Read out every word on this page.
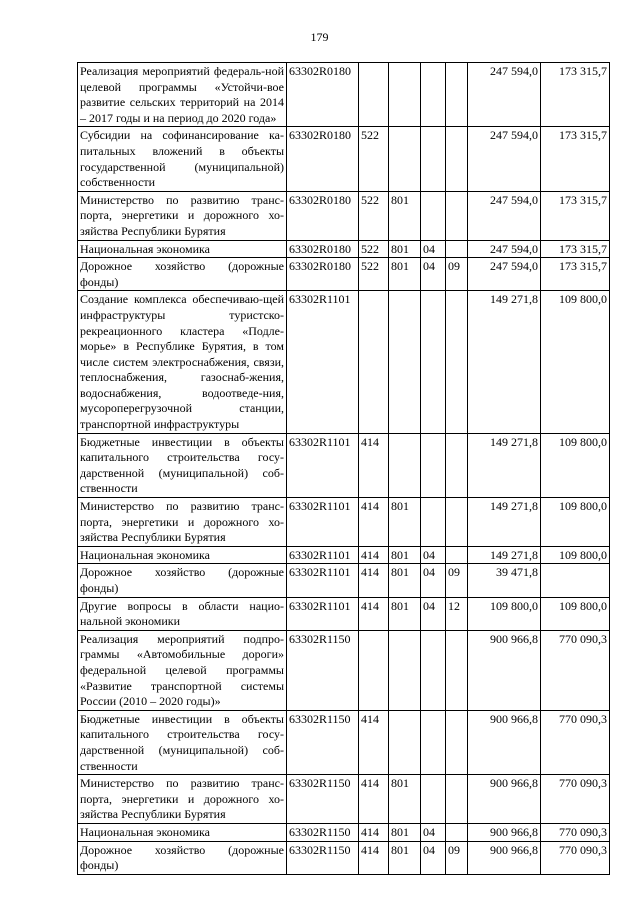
179
Реализация мероприятий федераль-ной целевой программы «Устойчи-вое развитие сельских территорий на 2014 – 2017 годы и на период до 2020 года»	63302R0180					247 594,0	173 315,7
Субсидии на софинансирование ка-питальных вложений в объекты государственной (муниципальной) собственности	63302R0180	522				247 594,0	173 315,7
Министерство по развитию транс-порта, энергетики и дорожного хо-зяйства Республики Бурятия	63302R0180	522	801			247 594,0	173 315,7
Национальная экономика	63302R0180	522	801	04		247 594,0	173 315,7
Дорожное хозяйство (дорожные фонды)	63302R0180	522	801	04	09	247 594,0	173 315,7
Создание комплекса обеспечиваю-щей инфраструктуры туристско-рекреационного кластера «Подле-морье» в Республике Бурятия, в том числе систем электроснабжения, связи, теплоснабжения, газоснаб-жения, водоснабжения, водоотведе-ния, мусороперегрузочной станции, транспортной инфраструктуры	63302R1101					149 271,8	109 800,0
Бюджетные инвестиции в объекты капитального строительства госу-дарственной (муниципальной) соб-ственности	63302R1101	414				149 271,8	109 800,0
Министерство по развитию транс-порта, энергетики и дорожного хо-зяйства Республики Бурятия	63302R1101	414	801			149 271,8	109 800,0
Национальная экономика	63302R1101	414	801	04		149 271,8	109 800,0
Дорожное хозяйство (дорожные фонды)	63302R1101	414	801	04	09	39 471,8	
Другие вопросы в области нацио-нальной экономики	63302R1101	414	801	04	12	109 800,0	109 800,0
Реализация мероприятий подпро-граммы «Автомобильные дороги» федеральной целевой программы «Развитие транспортной системы России (2010 – 2020 годы)»	63302R1150					900 966,8	770 090,3
Бюджетные инвестиции в объекты капитального строительства госу-дарственной (муниципальной) соб-ственности	63302R1150	414				900 966,8	770 090,3
Министерство по развитию транс-порта, энергетики и дорожного хо-зяйства Республики Бурятия	63302R1150	414	801			900 966,8	770 090,3
Национальная экономика	63302R1150	414	801	04		900 966,8	770 090,3
Дорожное хозяйство (дорожные фонды)	63302R1150	414	801	04	09	900 966,8	770 090,3
